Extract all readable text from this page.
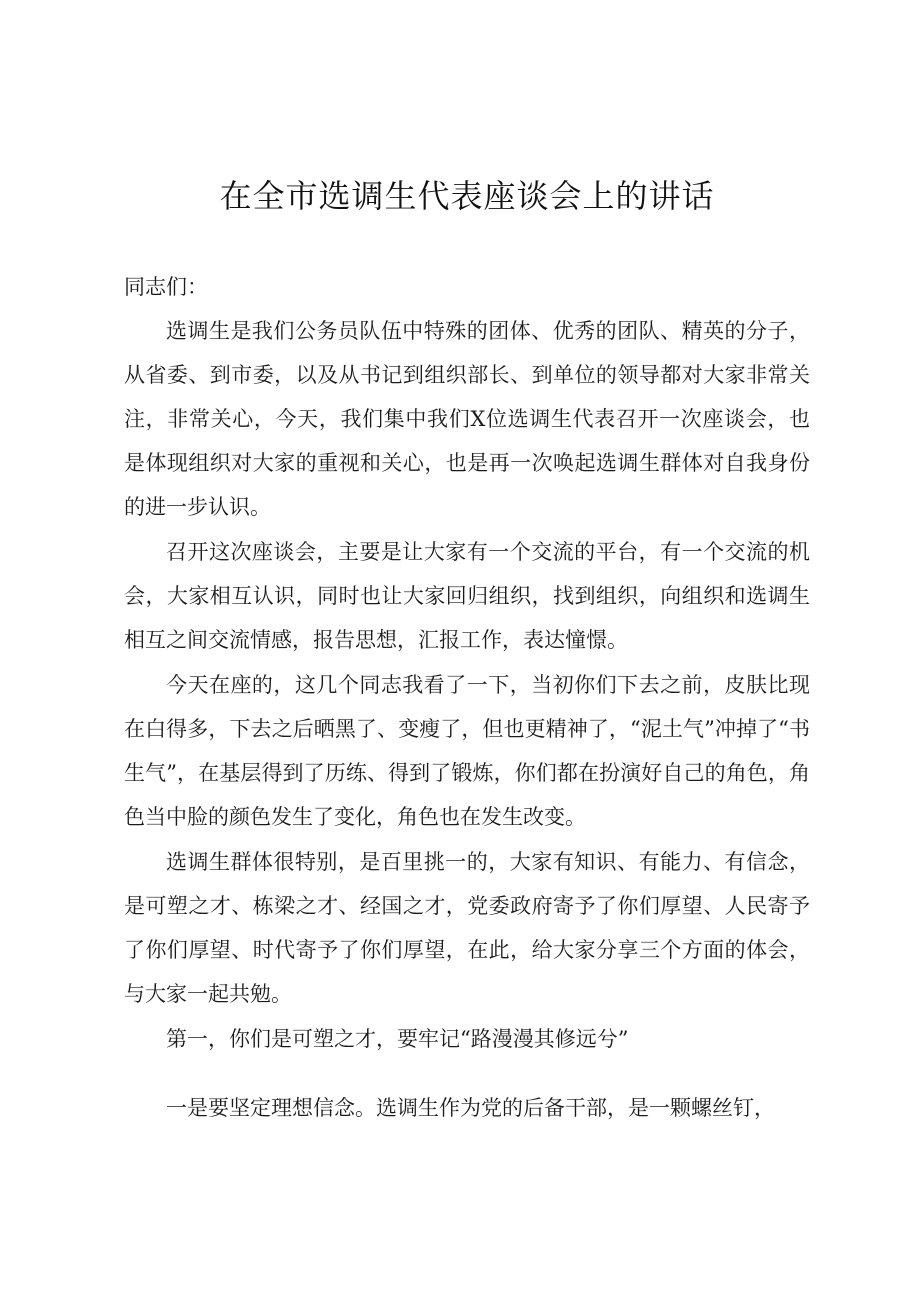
在全市选调生代表座谈会上的讲话

同志们：

选调生是我们公务员队伍中特殊的团体、优秀的团队、精英的分子，从省委、到市委，以及从书记到组织部长、到单位的领导都对大家非常关注，非常关心，今天，我们集中我们X位选调生代表召开一次座谈会，也是体现组织对大家的重视和关心，也是再一次唤起选调生群体对自我身份的进一步认识。

召开这次座谈会，主要是让大家有一个交流的平台，有一个交流的机会，大家相互认识，同时也让大家回归组织，找到组织，向组织和选调生相互之间交流情感，报告思想，汇报工作，表达憧憬。

今天在座的，这几个同志我看了一下，当初你们下去之前，皮肤比现在白得多，下去之后晒黑了、变瘦了，但也更精神了，“泥土气”冲掉了“书生气”，在基层得到了历练、得到了锻炼，你们都在扮演好自己的角色，角色当中脸的颜色发生了变化，角色也在发生改变。

选调生群体很特别，是百里挑一的，大家有知识、有能力、有信念，是可塑之才、栋梁之才、经国之才，党委政府寄予了你们厚望、人民寄予了你们厚望、时代寄予了你们厚望，在此，给大家分享三个方面的体会，与大家一起共勉。

第一，你们是可塑之才，要牢记“路漫漫其修远兮”

一是要坚定理想信念。选调生作为党的后备干部，是一颗螺丝钉，
